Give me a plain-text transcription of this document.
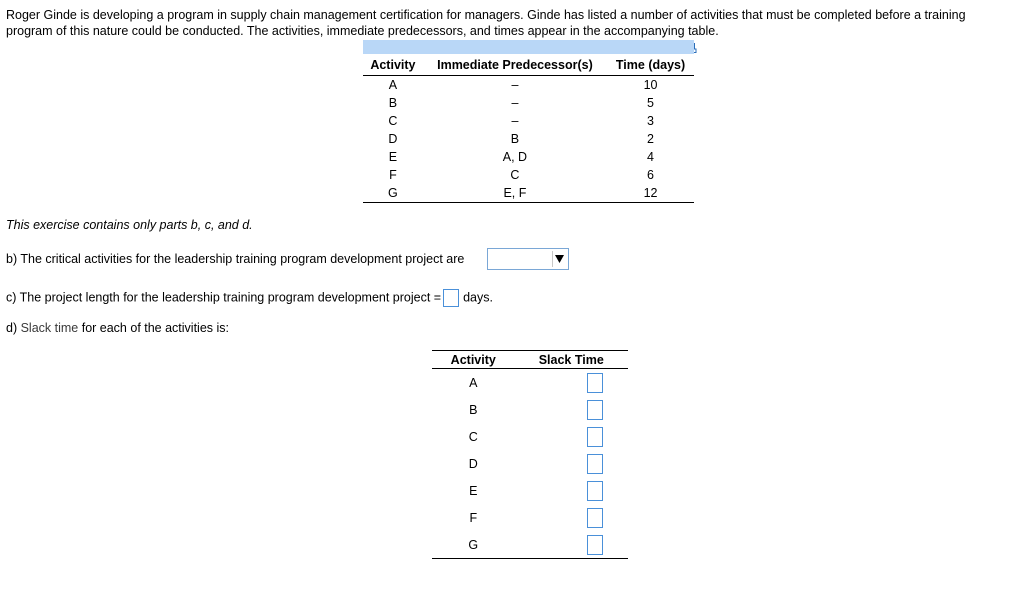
Roger Ginde is developing a program in supply chain management certification for managers. Ginde has listed a number of activities that must be completed before a training program of this nature could be conducted. The activities, immediate predecessors, and times appear in the accompanying table.
Activity	Immediate Predecessor(s)	Time (days)
A	–	10
B	–	5
C	–	3
D	B	2
E	A, D	4
F	C	6
G	E, F	12
This exercise contains only parts b, c, and d.
b) The critical activities for the leadership training program development project are
c) The project length for the leadership training program development project = days.
d) Slack time for each of the activities is:
Activity	Slack Time
A	
B	
C	
D	
E	
F	
G	
